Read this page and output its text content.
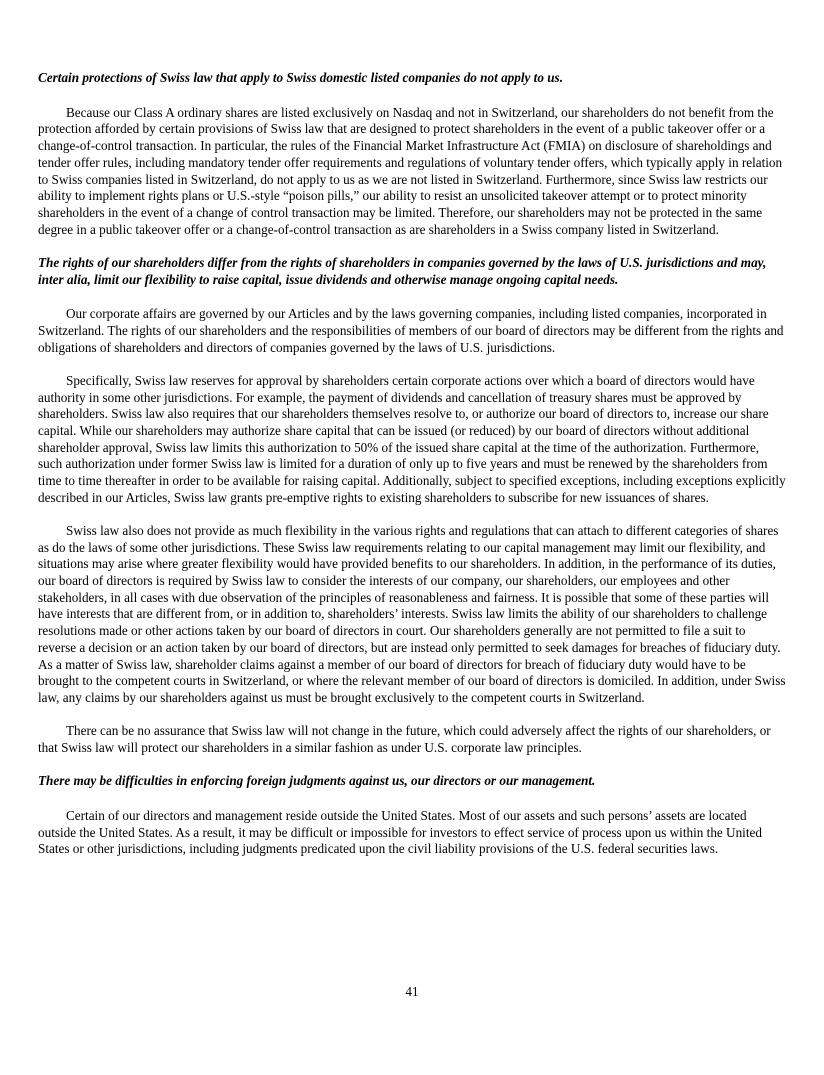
Certain protections of Swiss law that apply to Swiss domestic listed companies do not apply to us.

Because our Class A ordinary shares are listed exclusively on Nasdaq and not in Switzerland, our shareholders do not benefit from the protection afforded by certain provisions of Swiss law that are designed to protect shareholders in the event of a public takeover offer or a change-of-control transaction. In particular, the rules of the Financial Market Infrastructure Act (FMIA) on disclosure of shareholdings and tender offer rules, including mandatory tender offer requirements and regulations of voluntary tender offers, which typically apply in relation to Swiss companies listed in Switzerland, do not apply to us as we are not listed in Switzerland. Furthermore, since Swiss law restricts our ability to implement rights plans or U.S.-style “poison pills,” our ability to resist an unsolicited takeover attempt or to protect minority shareholders in the event of a change of control transaction may be limited. Therefore, our shareholders may not be protected in the same degree in a public takeover offer or a change-of-control transaction as are shareholders in a Swiss company listed in Switzerland.

The rights of our shareholders differ from the rights of shareholders in companies governed by the laws of U.S. jurisdictions and may, inter alia, limit our flexibility to raise capital, issue dividends and otherwise manage ongoing capital needs.

Our corporate affairs are governed by our Articles and by the laws governing companies, including listed companies, incorporated in Switzerland. The rights of our shareholders and the responsibilities of members of our board of directors may be different from the rights and obligations of shareholders and directors of companies governed by the laws of U.S. jurisdictions.

Specifically, Swiss law reserves for approval by shareholders certain corporate actions over which a board of directors would have authority in some other jurisdictions. For example, the payment of dividends and cancellation of treasury shares must be approved by shareholders. Swiss law also requires that our shareholders themselves resolve to, or authorize our board of directors to, increase our share capital. While our shareholders may authorize share capital that can be issued (or reduced) by our board of directors without additional shareholder approval, Swiss law limits this authorization to 50% of the issued share capital at the time of the authorization. Furthermore, such authorization under former Swiss law is limited for a duration of only up to five years and must be renewed by the shareholders from time to time thereafter in order to be available for raising capital. Additionally, subject to specified exceptions, including exceptions explicitly described in our Articles, Swiss law grants pre-emptive rights to existing shareholders to subscribe for new issuances of shares.

Swiss law also does not provide as much flexibility in the various rights and regulations that can attach to different categories of shares as do the laws of some other jurisdictions. These Swiss law requirements relating to our capital management may limit our flexibility, and situations may arise where greater flexibility would have provided benefits to our shareholders. In addition, in the performance of its duties, our board of directors is required by Swiss law to consider the interests of our company, our shareholders, our employees and other stakeholders, in all cases with due observation of the principles of reasonableness and fairness. It is possible that some of these parties will have interests that are different from, or in addition to, shareholders’ interests. Swiss law limits the ability of our shareholders to challenge resolutions made or other actions taken by our board of directors in court. Our shareholders generally are not permitted to file a suit to reverse a decision or an action taken by our board of directors, but are instead only permitted to seek damages for breaches of fiduciary duty. As a matter of Swiss law, shareholder claims against a member of our board of directors for breach of fiduciary duty would have to be brought to the competent courts in Switzerland, or where the relevant member of our board of directors is domiciled. In addition, under Swiss law, any claims by our shareholders against us must be brought exclusively to the competent courts in Switzerland.

There can be no assurance that Swiss law will not change in the future, which could adversely affect the rights of our shareholders, or that Swiss law will protect our shareholders in a similar fashion as under U.S. corporate law principles.

There may be difficulties in enforcing foreign judgments against us, our directors or our management.

Certain of our directors and management reside outside the United States. Most of our assets and such persons’ assets are located outside the United States. As a result, it may be difficult or impossible for investors to effect service of process upon us within the United States or other jurisdictions, including judgments predicated upon the civil liability provisions of the U.S. federal securities laws.

41
